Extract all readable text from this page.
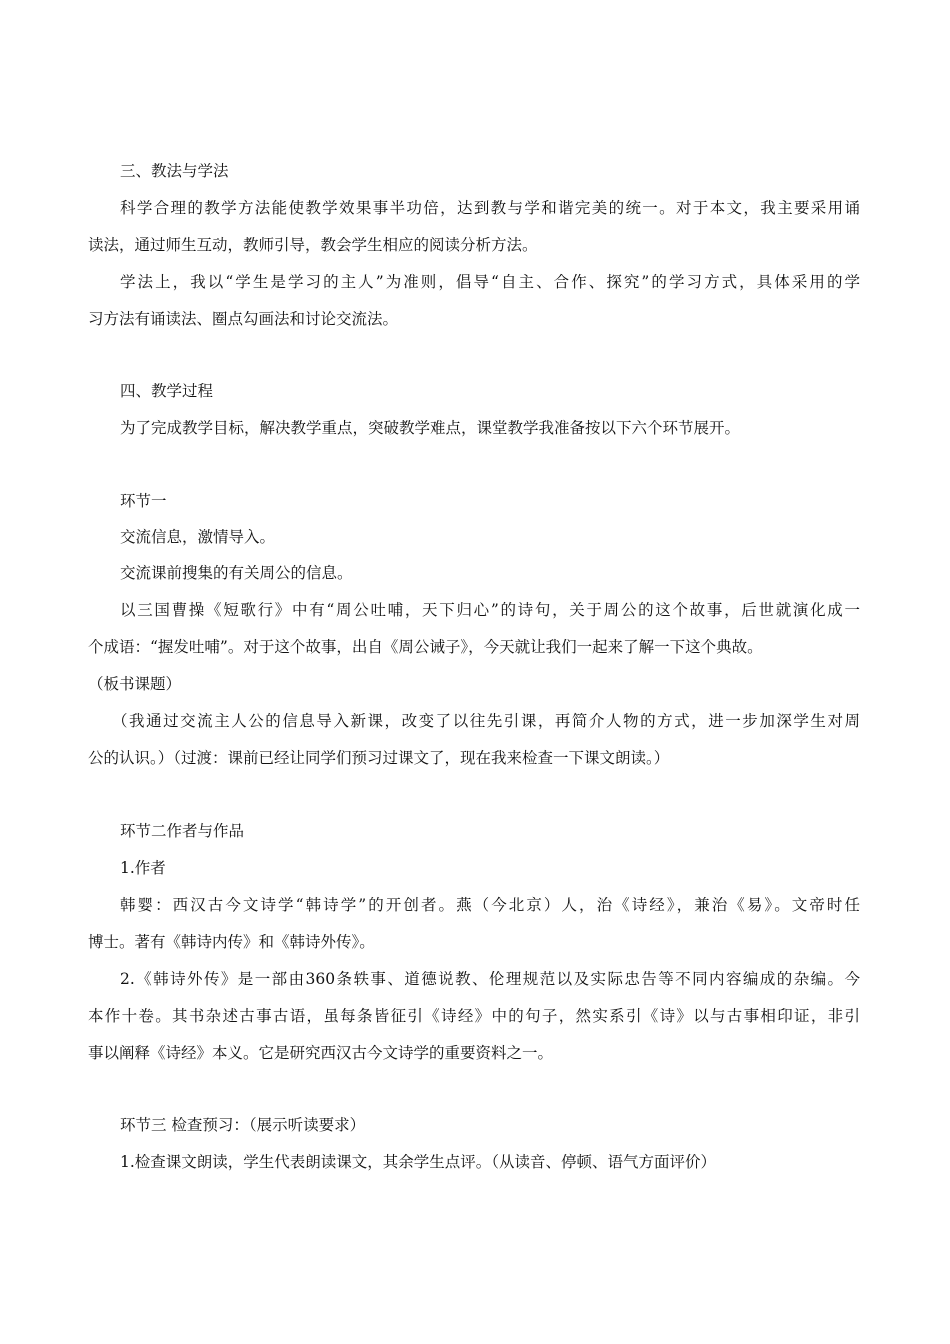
三、教法与学法
科学合理的教学方法能使教学效果事半功倍，达到教与学和谐完美的统一。对于本文，我主要采用诵
读法，通过师生互动，教师引导，教会学生相应的阅读分析方法。
学法上，我以“学生是学习的主人”为准则，倡导“自主、合作、探究”的学习方式，具体采用的学
习方法有诵读法、圈点勾画法和讨论交流法。
四、教学过程
为了完成教学目标，解决教学重点，突破教学难点，课堂教学我准备按以下六个环节展开。
环节一
交流信息，激情导入。
交流课前搜集的有关周公的信息。
以三国曹操《短歌行》中有“周公吐哺，天下归心”的诗句，关于周公的这个故事，后世就演化成一
个成语：“握发吐哺”。对于这个故事，出自《周公诫子》，今天就让我们一起来了解一下这个典故。
（板书课题）
（我通过交流主人公的信息导入新课，改变了以往先引课，再简介人物的方式，进一步加深学生对周
公的认识。）（过渡：课前已经让同学们预习过课文了，现在我来检查一下课文朗读。）
环节二作者与作品
1.作者
韩婴：西汉古今文诗学“韩诗学”的开创者。燕（今北京）人，治《诗经》，兼治《易》。文帝时任
博士。著有《韩诗内传》和《韩诗外传》。
2.《韩诗外传》是一部由360条轶事、道德说教、伦理规范以及实际忠告等不同内容编成的杂编。今
本作十卷。其书杂述古事古语，虽每条皆征引《诗经》中的句子，然实系引《诗》以与古事相印证，非引
事以阐释《诗经》本义。它是研究西汉古今文诗学的重要资料之一。
环节三 检查预习：（展示听读要求）
1.检查课文朗读，学生代表朗读课文，其余学生点评。（从读音、停顿、语气方面评价）
